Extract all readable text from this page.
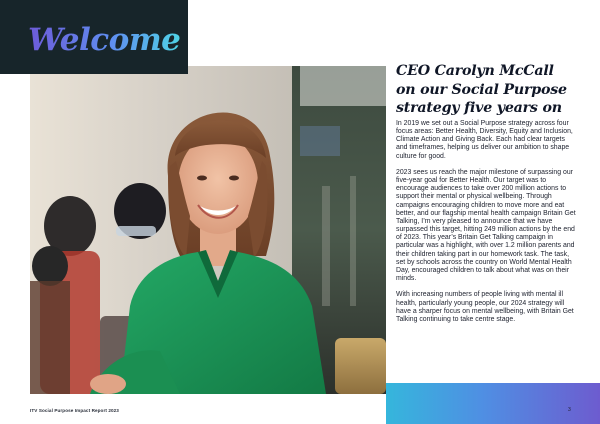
Welcome
CEO Carolyn McCall
on our Social Purpose
strategy five years on

In 2019 we set out a Social Purpose strategy across four focus areas: Better Health, Diversity, Equity and Inclusion, Climate Action and Giving Back. Each had clear targets and timeframes, helping us deliver our ambition to shape culture for good.

2023 sees us reach the major milestone of surpassing our five-year goal for Better Health. Our target was to encourage audiences to take over 200 million actions to support their mental or physical wellbeing. Through campaigns encouraging children to move more and eat better, and our flagship mental health campaign Britain Get Talking, I’m very pleased to announce that we have surpassed this target, hitting 249 million actions by the end of 2023. This year’s Britain Get Talking campaign in particular was a highlight, with over 1.2 million parents and their children taking part in our homework task. The task, set by schools across the country on World Mental Health Day, encouraged children to talk about what was on their minds.

With increasing numbers of people living with mental ill health, particularly young people, our 2024 strategy will have a sharper focus on mental wellbeing, with Britain Get Talking continuing to take centre stage.

ITV Social Purpose Impact Report 2023	3
